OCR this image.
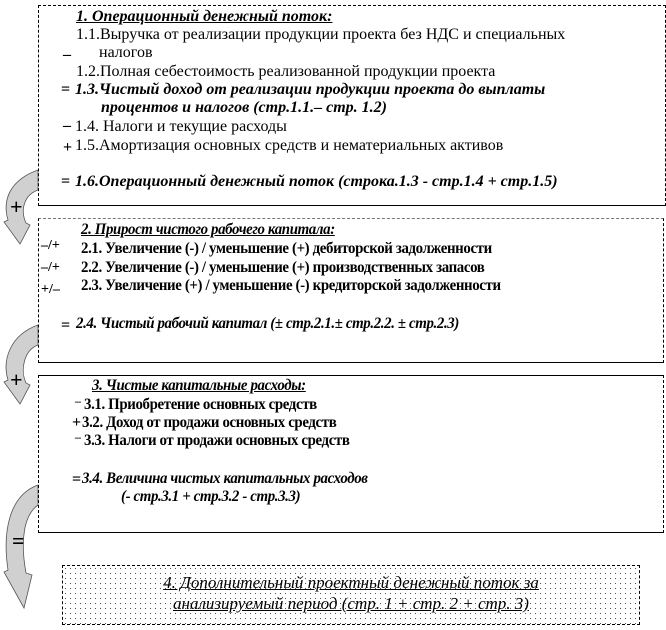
+
+
=
1. Операционный денежный поток:
1.1.Выручка от реализации продукции проекта без НДС и специальных
– налогов
1.2.Полная себестоимость реализованной продукции проекта
= 1.3.Чистый доход от реализации продукции проекта до выплаты
процентов и налогов (стр.1.1.– стр. 1.2)
– 1.4. Налоги и текущие расходы
+ 1.5.Амортизация основных средств и нематериальных активов
= 1.6.Операционный денежный поток (строка.1.3 - стр.1.4 + стр.1.5)
2. Прирост чистого рабочего капитала:
–/+ 2.1. Увеличение (-) / уменьшение (+) дебиторской задолженности
–/+ 2.2. Увеличение (-) / уменьшение (+) производственных запасов
+/– 2.3. Увеличение (+) / уменьшение (-) кредиторской задолженности
= 2.4. Чистый рабочий капитал (± стр.2.1.± стр.2.2. ± стр.2.3)
3. Чистые капитальные расходы:
– 3.1. Приобретение основных средств
+ 3.2. Доход от продажи основных средств
– 3.3. Налоги от продажи основных средств
= 3.4. Величина чистых капитальных расходов
(- стр.3.1 + стр.3.2 - стр.3.3)
4. Дополнительный проектный денежный поток за
анализируемый период (стр. 1 + стр. 2 + стр. 3)
